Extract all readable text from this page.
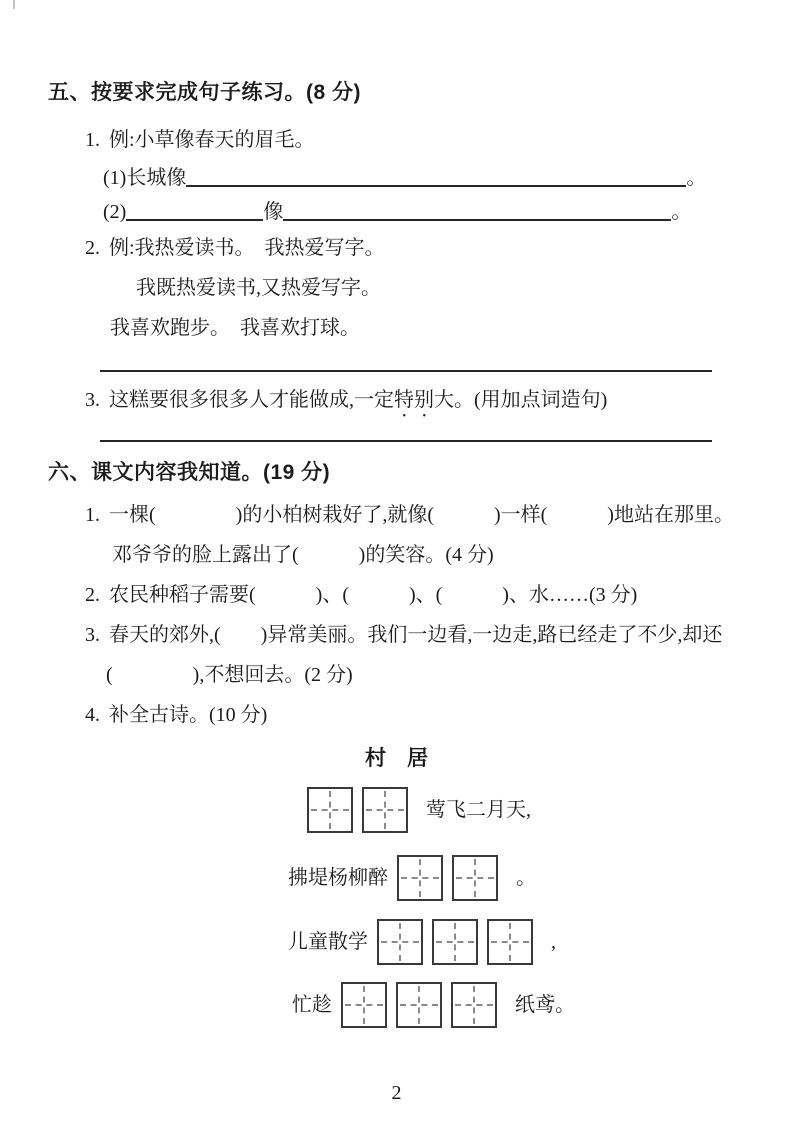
五、按要求完成句子练习。(8 分)
1. 例:小草像春天的眉毛。
(1)长城像	。
(2)	像	。
2. 例:我热爱读书。　我热爱写字。
我既热爱读书,又热爱写字。
我喜欢跑步。　我喜欢打球。
3. 这糕要很多很多人才能做成,一定特别大。(用加点词造句)
六、课文内容我知道。(19 分)
1. 一棵(　　　　)的小柏树栽好了,就像(　　　)一样(　　　)地站在那里。
邓爷爷的脸上露出了(　　　)的笑容。(4 分)
2. 农民种稻子需要(　　　)、(　　　)、(　　　)、水……(3 分)
3. 春天的郊外,(　　)异常美丽。我们一边看,一边走,路已经走了不少,却还
(　　　　),不想回去。(2 分)
4. 补全古诗。(10 分)
村　居
莺飞二月天,
拂堤杨柳醉	。
儿童散学	,
忙趁	纸鸢。
2
